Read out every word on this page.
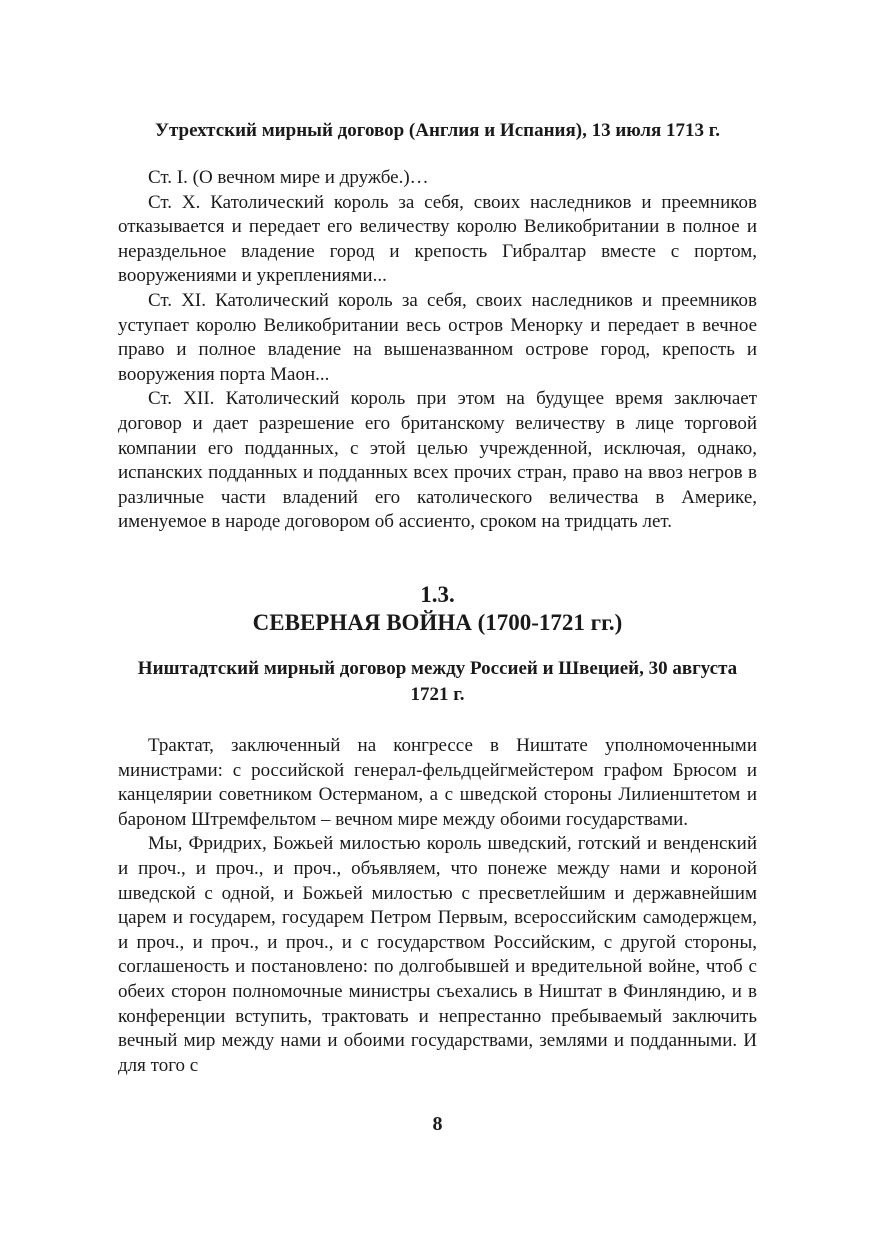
Утрехтский мирный договор (Англия и Испания), 13 июля 1713 г.

Ст. I. (О вечном мире и дружбе.)…

Ст. X. Католический король за себя, своих наследников и преемников отказывается и передает его величеству королю Великобритании в полное и нераздельное владение город и крепость Гибралтар вместе с портом, вооружениями и укреплениями...

Ст. XI. Католический король за себя, своих наследников и преемников уступает королю Великобритании весь остров Менорку и передает в вечное право и полное владение на вышеназванном острове город, крепость и вооружения порта Маон...

Ст. XII. Католический король при этом на будущее время заключает договор и дает разрешение его британскому величеству в лице торговой компании его подданных, с этой целью учрежденной, исключая, однако, испанских подданных и подданных всех прочих стран, право на ввоз негров в различные части владений его католического величества в Америке, именуемое в народе договором об ассиенто, сроком на тридцать лет.

1.3.

СЕВЕРНАЯ ВОЙНА (1700-1721 гг.)

Ништадтский мирный договор между Россией и Швецией, 30 августа 1721 г.

Трактат, заключенный на конгрессе в Ништате уполномоченными министрами: с российской генерал-фельдцейгмейстером графом Брюсом и канцелярии советником Остерманом, а с шведской стороны Лилиенштетом и бароном Штремфельтом – вечном мире между обоими государствами.

Мы, Фридрих, Божьей милостью король шведский, готский и венденский и проч., и проч., и проч., объявляем, что понеже между нами и короной шведской с одной, и Божьей милостью с пресветлейшим и державнейшим царем и государем, государем Петром Первым, всероссийским самодержцем, и проч., и проч., и проч., и с государством Российским, с другой стороны, соглашеность и постановлено: по долгобывшей и вредительной войне, чтоб с обеих сторон полномочные министры съехались в Ништат в Финляндию, и в конференции вступить, трактовать и непрестанно пребываемый заключить вечный мир между нами и обоими государствами, землями и подданными. И для того с

8
